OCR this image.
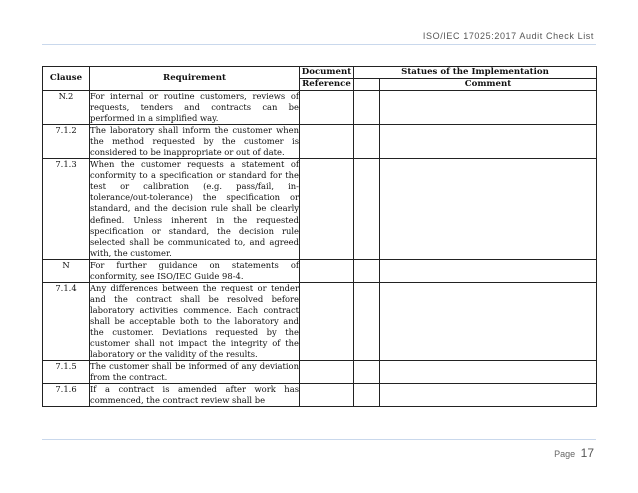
ISO/IEC 17025:2017 Audit Check List
Clause	Requirement	Document	Statues of the Implementation	
		Reference		Comment
N.2	For internal or routine customers, reviews of requests, tenders and contracts can be performed in a simplified way.			
7.1.2	The laboratory shall inform the customer when the method requested by the customer is considered to be inappropriate or out of date.			
7.1.3	When the customer requests a statement of conformity to a specification or standard for the test or calibration (e.g. pass/fail, in-tolerance/out-tolerance) the specification or standard, and the decision rule shall be clearly defined. Unless inherent in the requested specification or standard, the decision rule selected shall be communicated to, and agreed with, the customer.			
N	For further guidance on statements of conformity, see ISO/IEC Guide 98-4.			
7.1.4	Any differences between the request or tender and the contract shall be resolved before laboratory activities commence. Each contract shall be acceptable both to the laboratory and the customer. Deviations requested by the customer shall not impact the integrity of the laboratory or the validity of the results.			
7.1.5	The customer shall be informed of any deviation from the contract.			
7.1.6	If a contract is amended after work has commenced, the contract review shall be			
Page 17
